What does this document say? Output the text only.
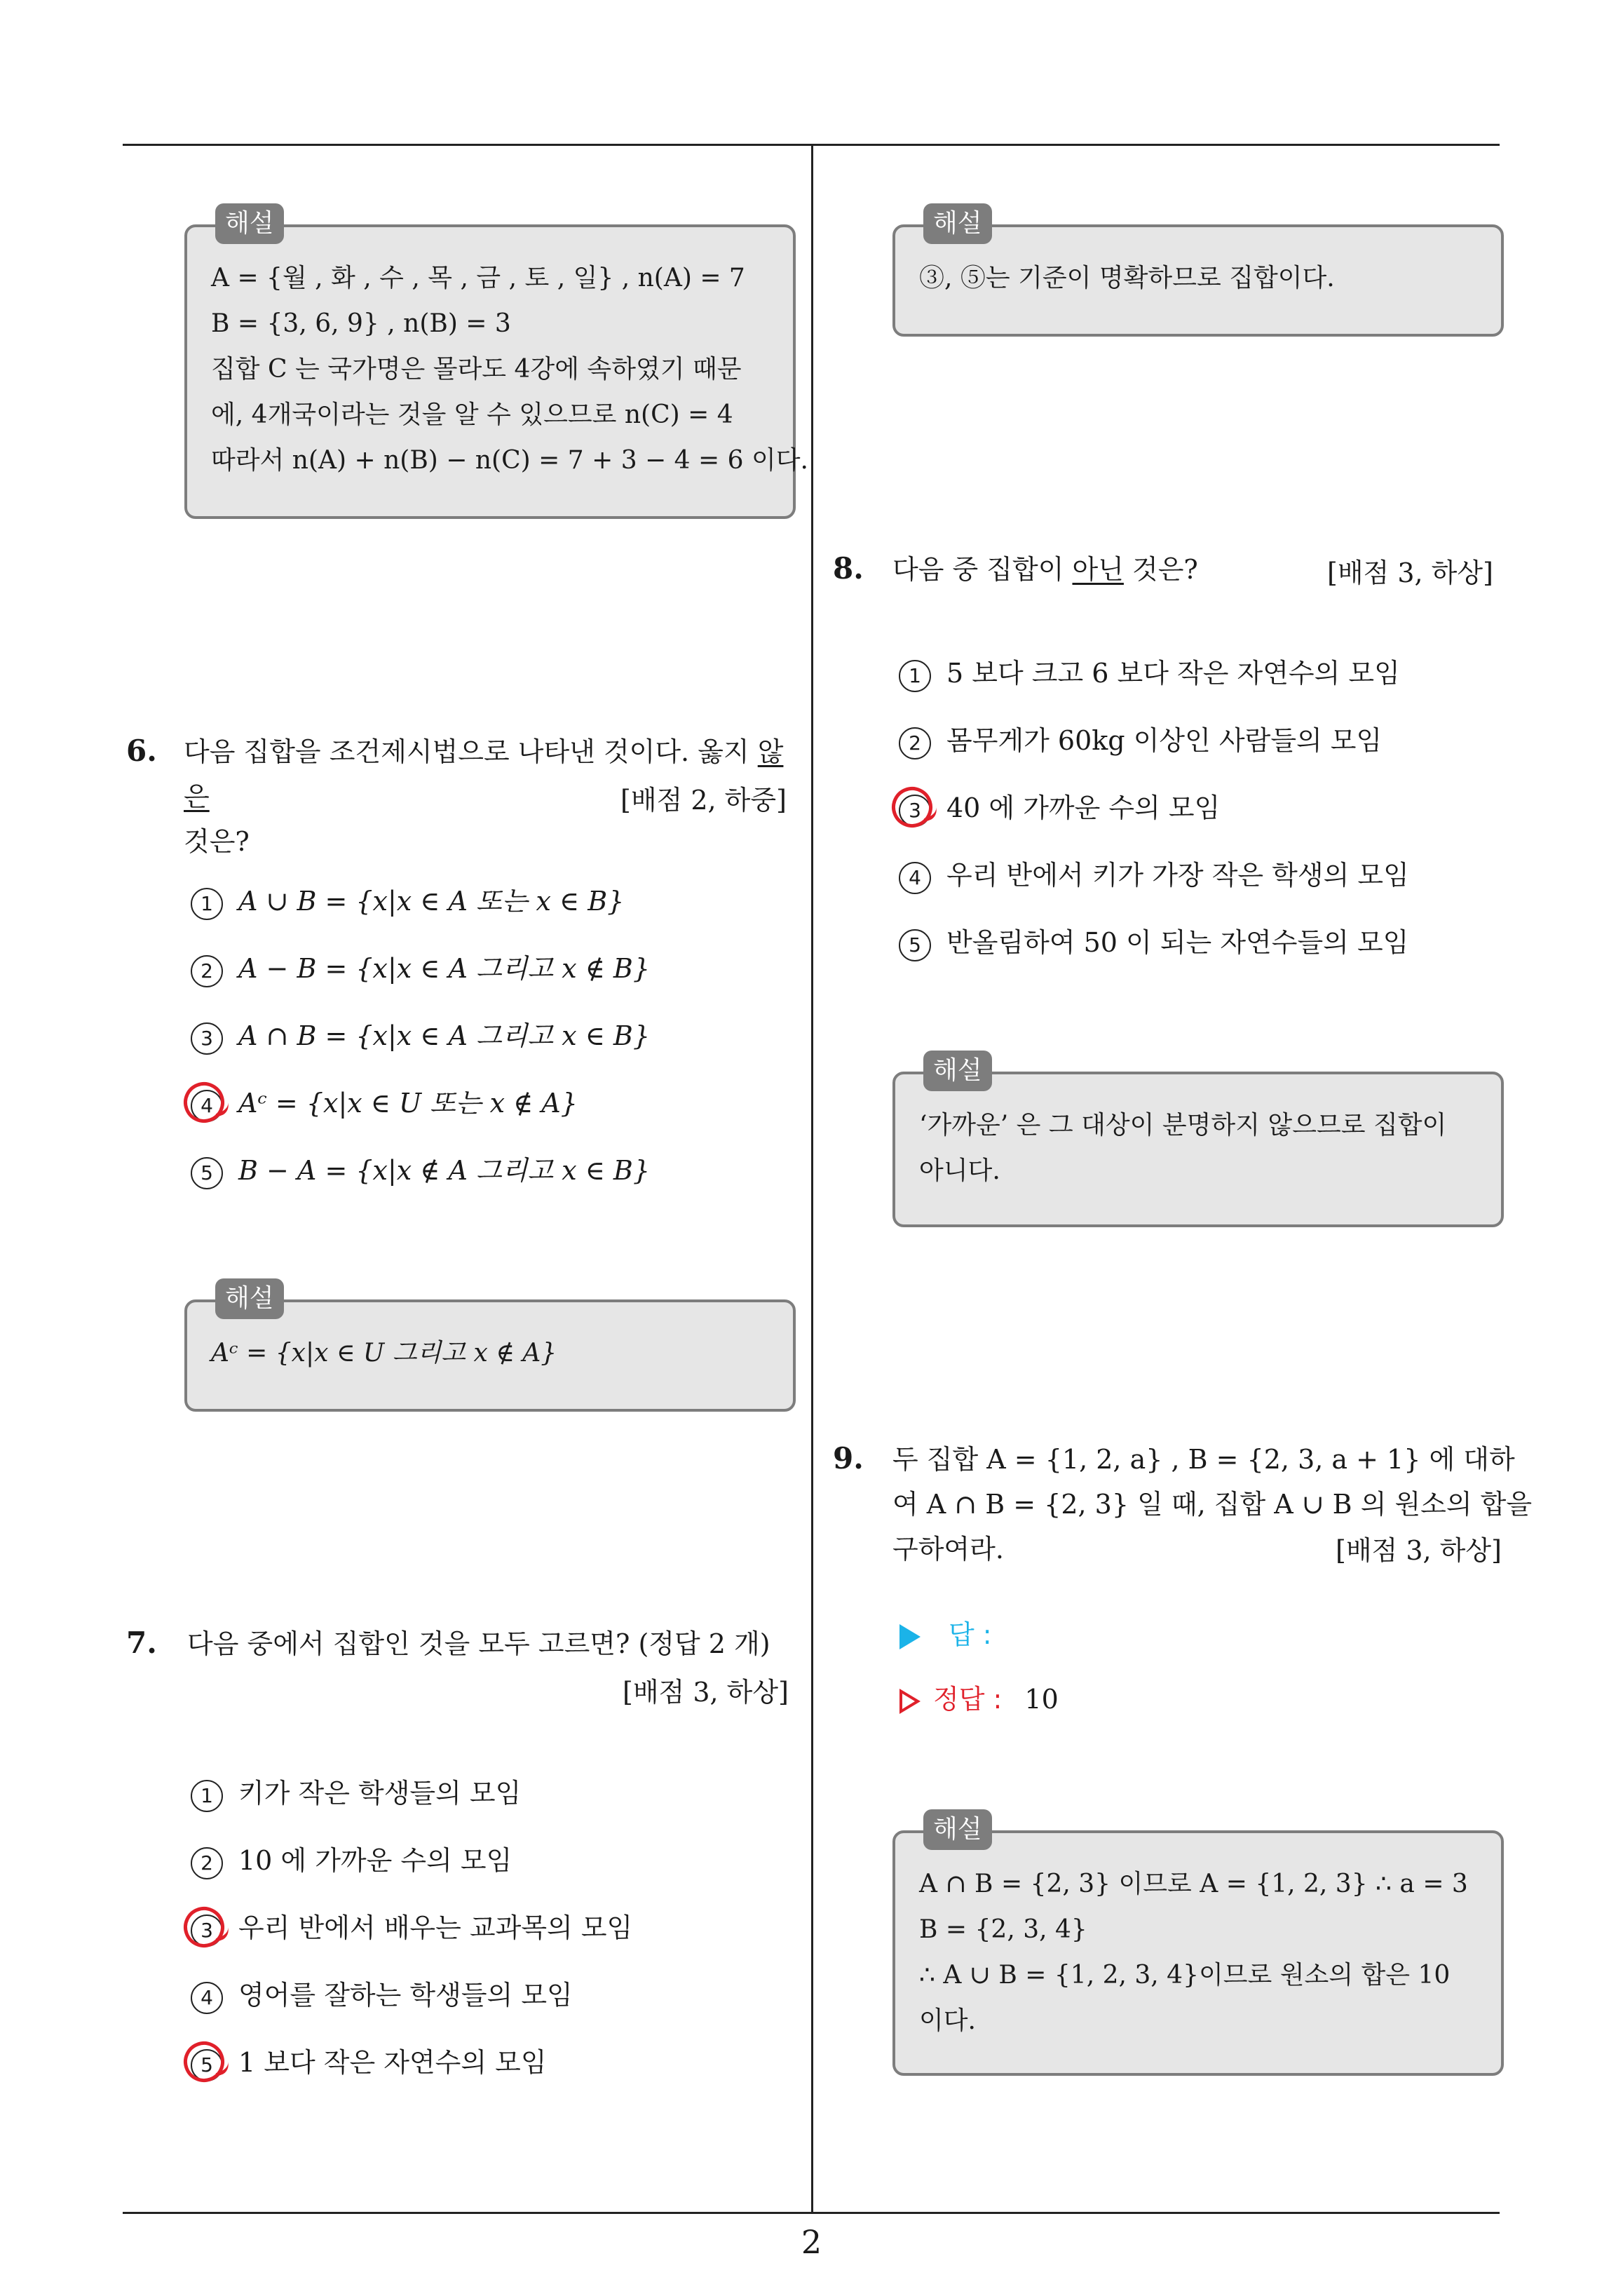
해설
A = {월 , 화 , 수 , 목 , 금 , 토 , 일} , n(A) = 7
B = {3, 6, 9} , n(B) = 3
집합 C 는 국가명은 몰라도 4강에 속하였기 때문
에, 4개국이라는 것을 알 수 있으므로 n(C) = 4
따라서 n(A) + n(B) − n(C) = 7 + 3 − 4 = 6 이다.
6. 다음 집합을 조건제시법으로 나타낸 것이다. 옳지 않은
것은?
[배점 2, 하중]
1 A ∪ B = {x|x ∈ A 또는 x ∈ B}
2 A − B = {x|x ∈ A 그리고 x ∉ B}
3 A ∩ B = {x|x ∈ A 그리고 x ∈ B}
4 Aᶜ = {x|x ∈ U 또는 x ∉ A}
5 B − A = {x|x ∉ A 그리고 x ∈ B}
해설
Aᶜ = {x|x ∈ U 그리고 x ∉ A}
7. 다음 중에서 집합인 것을 모두 고르면? (정답 2 개)
[배점 3, 하상]
1 키가 작은 학생들의 모임
2 10 에 가까운 수의 모임
3 우리 반에서 배우는 교과목의 모임
4 영어를 잘하는 학생들의 모임
5 1 보다 작은 자연수의 모임
해설
③, ⑤는 기준이 명확하므로 집합이다.
8. 다음 중 집합이 아닌 것은?	[배점 3, 하상]
1 5 보다 크고 6 보다 작은 자연수의 모임
2 몸무게가 60kg 이상인 사람들의 모임
3 40 에 가까운 수의 모임
4 우리 반에서 키가 가장 작은 학생의 모임
5 반올림하여 50 이 되는 자연수들의 모임
해설
‘가까운’ 은 그 대상이 분명하지 않으므로 집합이
아니다.
9. 두 집합 A = {1, 2, a} , B = {2, 3, a + 1} 에 대하
여 A ∩ B = {2, 3} 일 때, 집합 A ∪ B 의 원소의 합을
구하여라.	[배점 3, 하상]
답 :
정답 : 10
해설
A ∩ B = {2, 3} 이므로 A = {1, 2, 3} ∴ a = 3
B = {2, 3, 4}
∴ A ∪ B = {1, 2, 3, 4}이므로 원소의 합은 10
이다.
2
